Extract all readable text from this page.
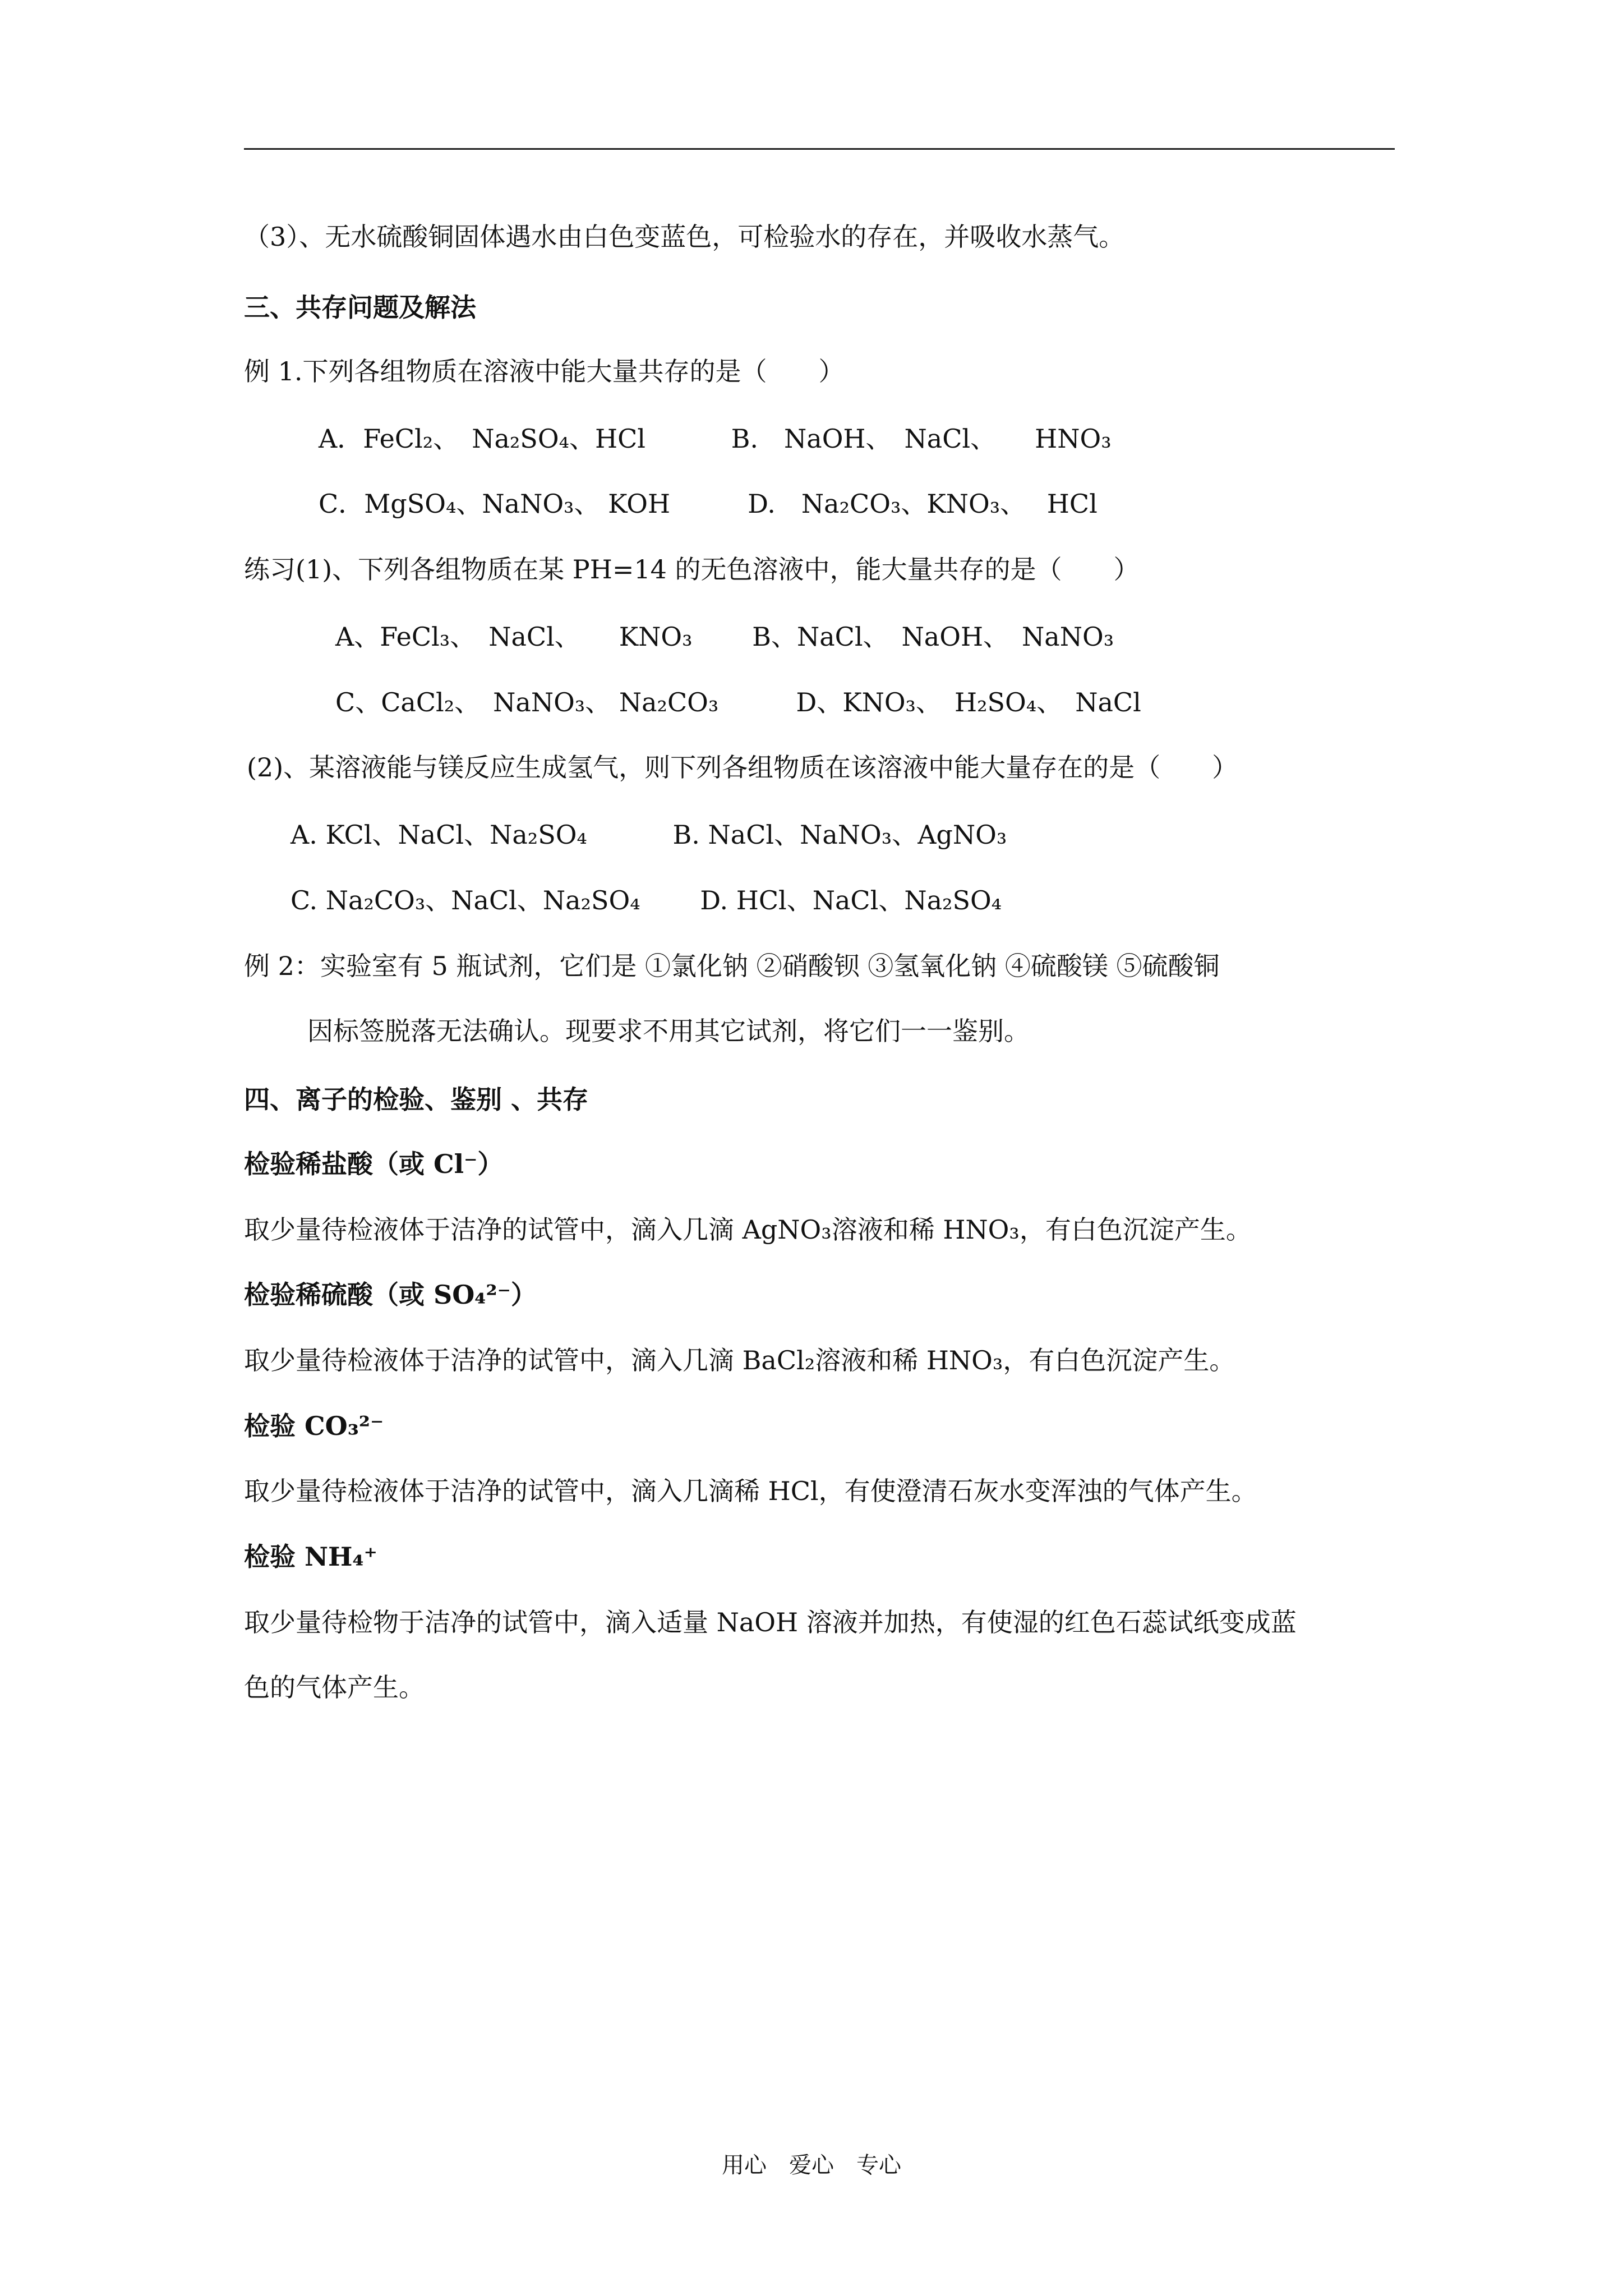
（3）、无水硫酸铜固体遇水由白色变蓝色，可检验水的存在，并吸收水蒸气。
三、共存问题及解法
例 1.下列各组物质在溶液中能大量共存的是（　　）
A．FeCl₂、　Na₂SO₄、HCl　　　 B.　NaOH、　NaCl、　　HNO₃
C．MgSO₄、NaNO₃、 KOH　　　D.　Na₂CO₃、KNO₃、　 HCl
练习(1)、下列各组物质在某 PH=14 的无色溶液中，能大量共存的是（　　）
A、FeCl₃、　NaCl、　　KNO₃　　 B、NaCl、　NaOH、　NaNO₃
C、CaCl₂、　NaNO₃、 Na₂CO₃　　　D、KNO₃、　H₂SO₄、　NaCl
(2)、某溶液能与镁反应生成氢气，则下列各组物质在该溶液中能大量存在的是（　　）
A. KCl、NaCl、Na₂SO₄　　　 B. NaCl、NaNO₃、AgNO₃
C. Na₂CO₃、NaCl、Na₂SO₄　　 D. HCl、NaCl、Na₂SO₄
例 2：实验室有 5 瓶试剂，它们是 ①氯化钠 ②硝酸钡 ③氢氧化钠 ④硫酸镁 ⑤硫酸铜
因标签脱落无法确认。现要求不用其它试剂，将它们一一鉴别。
四、离子的检验、鉴别 、共存
检验稀盐酸（或 Cl⁻）
取少量待检液体于洁净的试管中，滴入几滴 AgNO₃溶液和稀 HNO₃，有白色沉淀产生。
检验稀硫酸（或 SO₄²⁻）
取少量待检液体于洁净的试管中，滴入几滴 BaCl₂溶液和稀 HNO₃，有白色沉淀产生。
检验 CO₃²⁻
取少量待检液体于洁净的试管中，滴入几滴稀 HCl，有使澄清石灰水变浑浊的气体产生。
检验 NH₄⁺
取少量待检物于洁净的试管中，滴入适量 NaOH 溶液并加热，有使湿的红色石蕊试纸变成蓝
色的气体产生。
用心　爱心　专心
